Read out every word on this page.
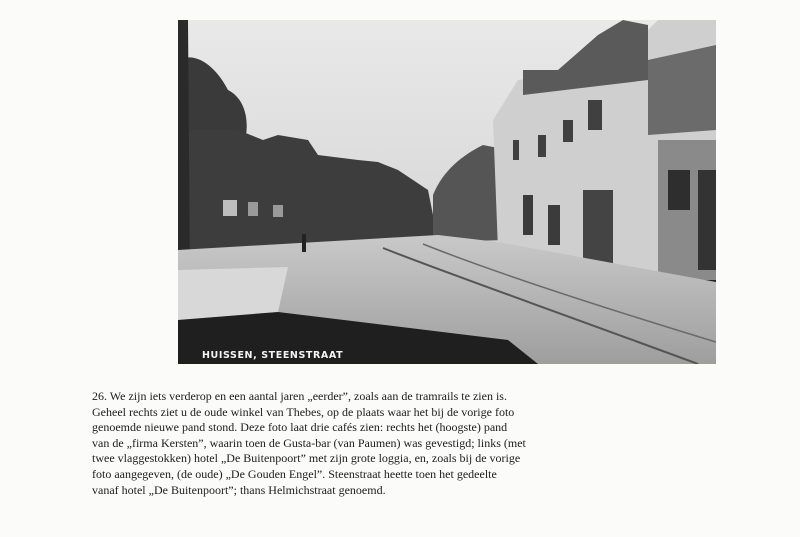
HUISSEN, STEENSTRAAT
26. We zijn iets verderop en een aantal jaren „eerder”, zoals aan de tramrails te zien is.
Geheel rechts ziet u de oude winkel van Thebes, op de plaats waar het bij de vorige foto
genoemde nieuwe pand stond. Deze foto laat drie cafés zien: rechts het (hoogste) pand
van de „firma Kersten”, waarin toen de Gusta-bar (van Paumen) was gevestigd; links (met
twee vlaggestokken) hotel „De Buitenpoort” met zijn grote loggia, en, zoals bij de vorige
foto aangegeven, (de oude) „De Gouden Engel”. Steenstraat heette toen het gedeelte
vanaf hotel „De Buitenpoort”; thans Helmichstraat genoemd.
